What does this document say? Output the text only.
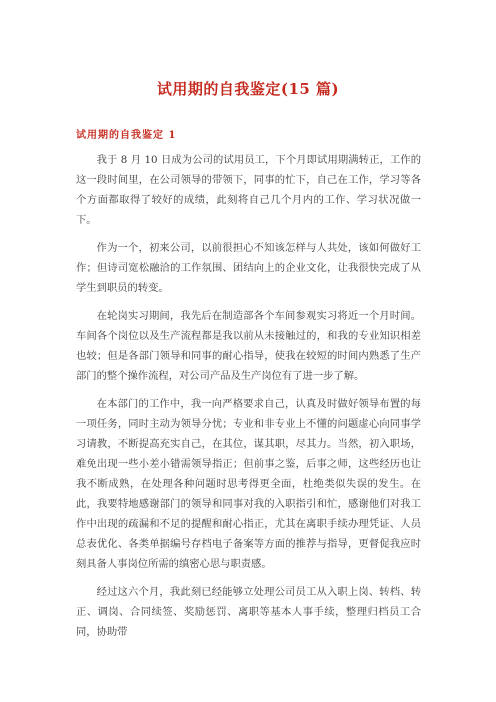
试用期的自我鉴定(15 篇)
试用期的自我鉴定 1

我于 8 月 10 日成为公司的试用员工，下个月即试用期满转正，工作的这一段时间里，在公司领导的带领下，同事的忙下，自己在工作，学习等各个方面都取得了较好的成绩，此刻将自己几个月内的工作、学习状况做一下。

作为一个，初来公司，以前很担心不知该怎样与人共处，该如何做好工作；但诗司宽松融洽的工作氛围、团结向上的企业文化，让我很快完成了从学生到职员的转变。

在轮岗实习期间，我先后在制造部各个车间参观实习将近一个月时间。车间各个岗位以及生产流程都是我以前从未接触过的，和我的专业知识相差也较；但是各部门领导和同事的耐心指导，使我在较短的时间内熟悉了生产部门的整个操作流程，对公司产品及生产岗位有了进一步了解。

在本部门的工作中，我一向严格要求自己，认真及时做好领导布置的每一项任务，同时主动为领导分忧；专业和非专业上不懂的问题虚心向同事学习请教，不断提高充实自己，在其位，谋其职，尽其力。当然，初入职场，难免出现一些小差小错需领导指正；但前事之鉴，后事之师，这些经历也让我不断成熟，在处理各种问题时思考得更全面，杜绝类似失误的发生。在此，我要特地感谢部门的领导和同事对我的入职指引和忙，感谢他们对我工作中出现的疏漏和不足的提醒和耐心指正，尤其在离职手续办理凭证、人员总表优化、各类单据编号存档电子备案等方面的推荐与指导，更督促我应时刻具备人事岗位所需的缜密心思与职责感。

经过这六个月，我此刻已经能够立处理公司员工从入职上岗、转档、转正、调岗、合同续签、奖励惩罚、离职等基本人事手续，整理归档员工合同，协助带
